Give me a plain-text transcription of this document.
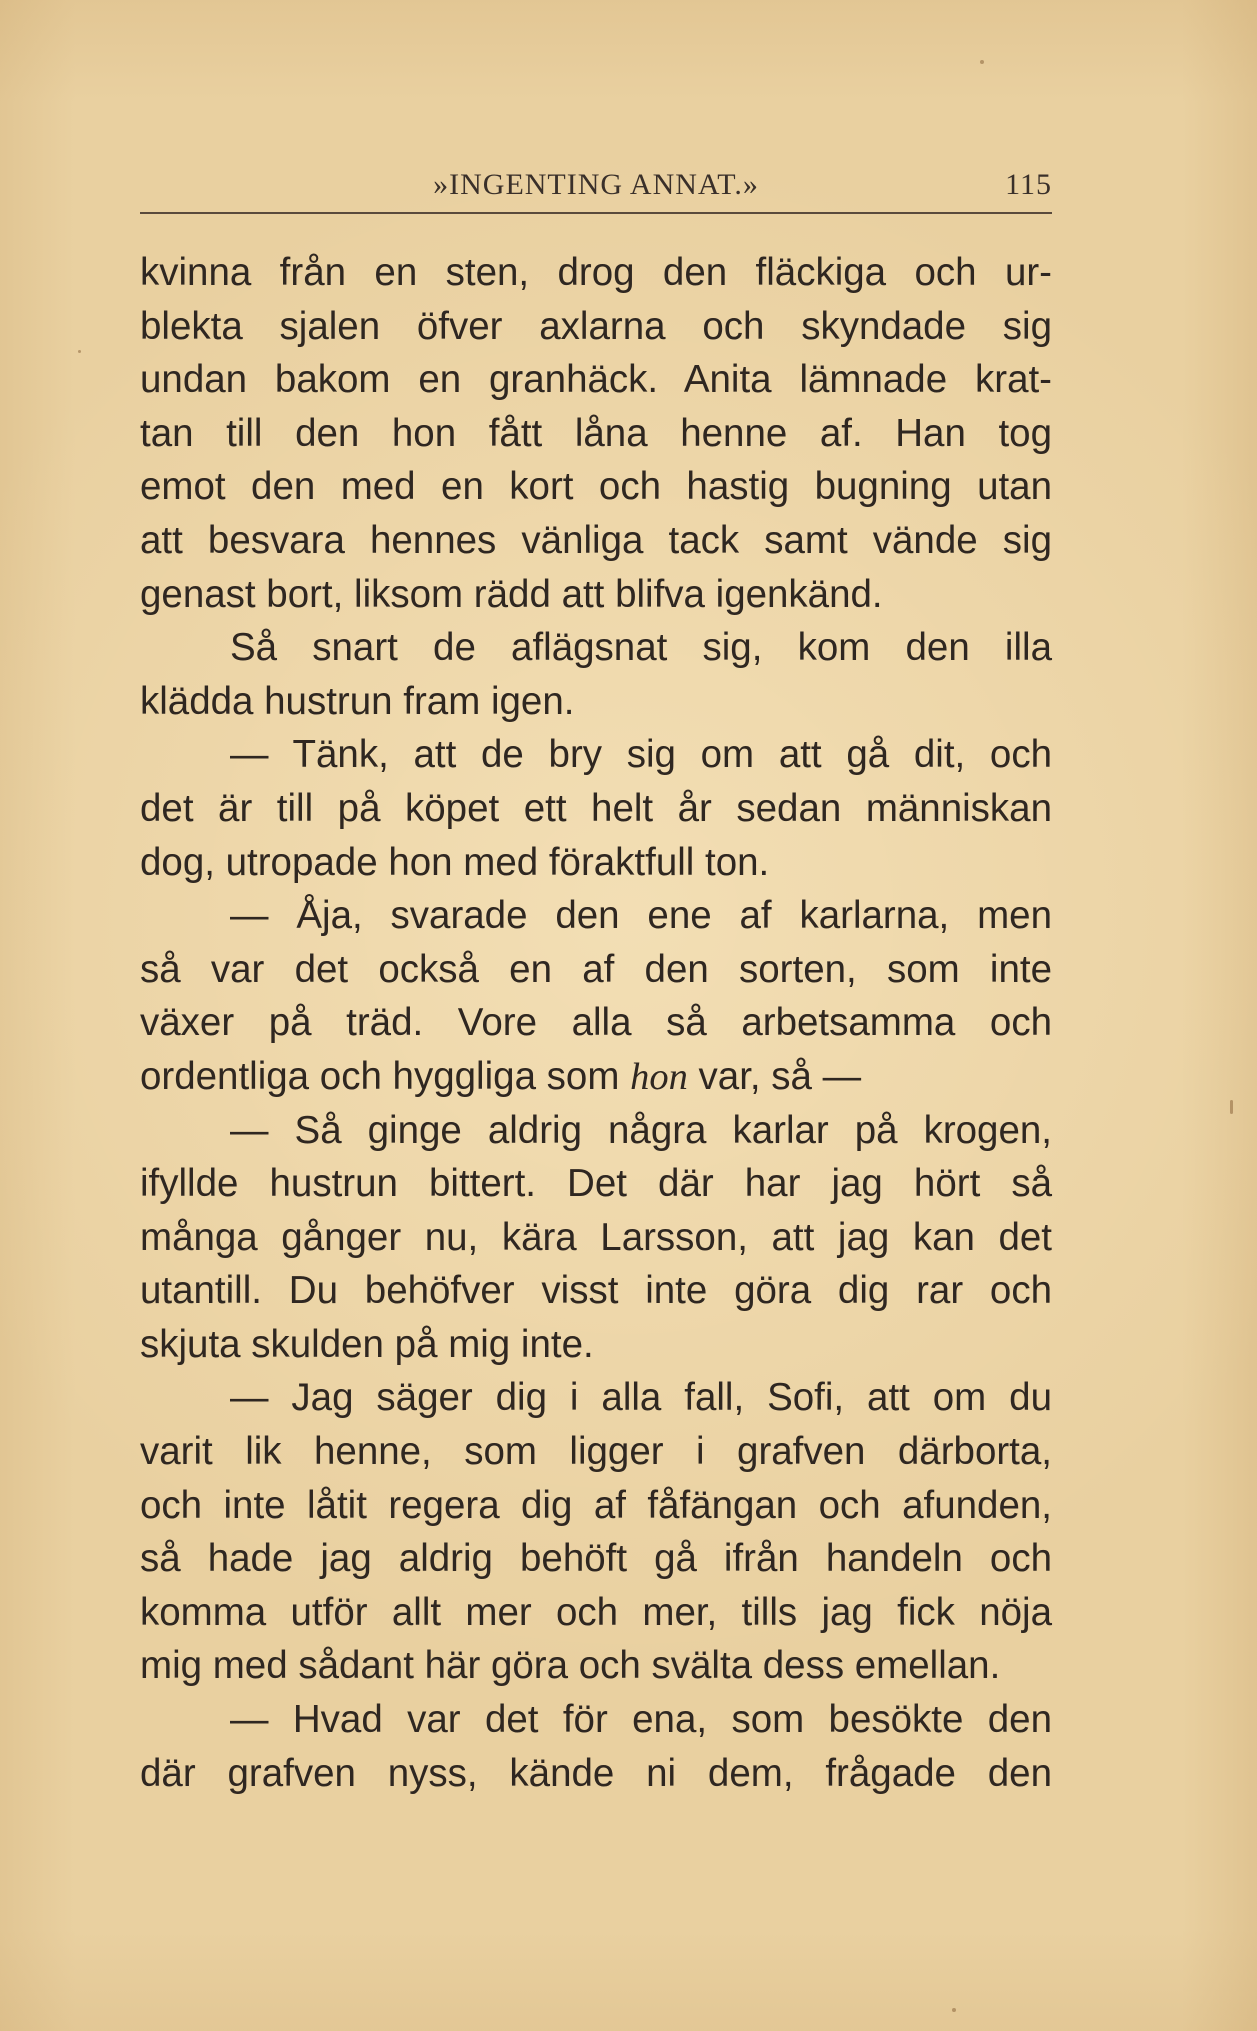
»INGENTING ANNAT.»	115
kvinna från en sten, drog den fläckiga och ur-
blekta sjalen öfver axlarna och skyndade sig
undan bakom en granhäck. Anita lämnade krat-
tan till den hon fått låna henne af. Han tog
emot den med en kort och hastig bugning utan
att besvara hennes vänliga tack samt vände sig
genast bort, liksom rädd att blifva igenkänd.
Så snart de aflägsnat sig, kom den illa
klädda hustrun fram igen.
— Tänk, att de bry sig om att gå dit, och
det är till på köpet ett helt år sedan människan
dog, utropade hon med föraktfull ton.
— Åja, svarade den ene af karlarna, men
så var det också en af den sorten, som inte
växer på träd. Vore alla så arbetsamma och
ordentliga och hyggliga som hon var, så —
— Så ginge aldrig några karlar på krogen,
ifyllde hustrun bittert. Det där har jag hört så
många gånger nu, kära Larsson, att jag kan det
utantill. Du behöfver visst inte göra dig rar och
skjuta skulden på mig inte.
— Jag säger dig i alla fall, Sofi, att om du
varit lik henne, som ligger i grafven därborta,
och inte låtit regera dig af fåfängan och afunden,
så hade jag aldrig behöft gå ifrån handeln och
komma utför allt mer och mer, tills jag fick nöja
mig med sådant här göra och svälta dess emellan.
— Hvad var det för ena, som besökte den
där grafven nyss, kände ni dem, frågade den
